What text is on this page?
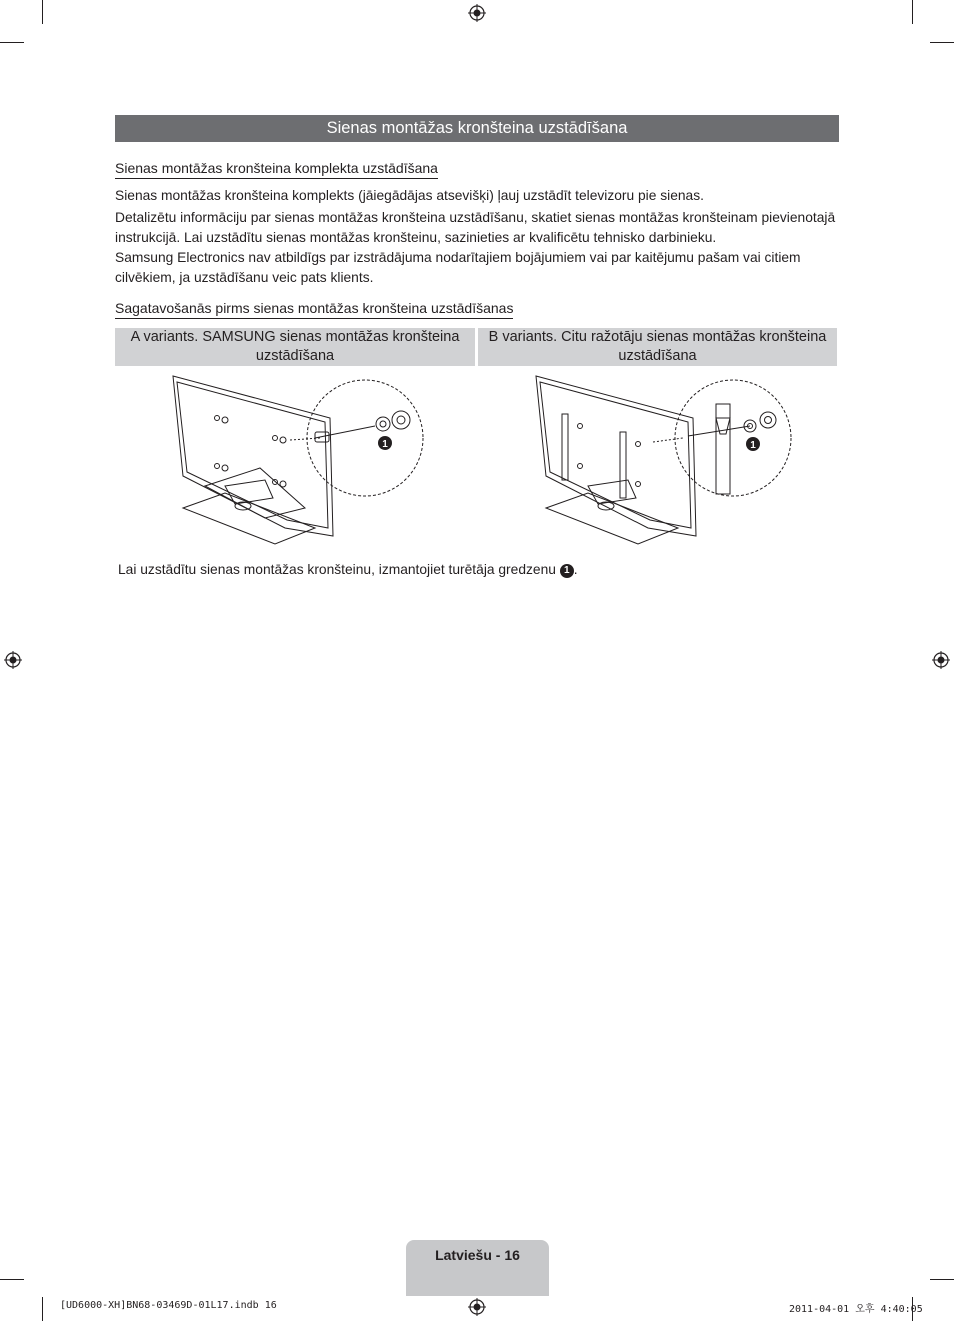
Sienas montāžas kronšteina uzstādīšana
Sienas montāžas kronšteina komplekta uzstādīšana
Sienas montāžas kronšteina komplekts (jāiegādājas atsevišķi) ļauj uzstādīt televizoru pie sienas.
Detalizētu informāciju par sienas montāžas kronšteina uzstādīšanu, skatiet sienas montāžas kronšteinam pievienotajā instrukcijā. Lai uzstādītu sienas montāžas kronšteinu, sazinieties ar kvalificētu tehnisko darbinieku.
Samsung Electronics nav atbildīgs par izstrādājuma nodarītajiem bojājumiem vai par kaitējumu pašam vai citiem cilvēkiem, ja uzstādīšanu veic pats klients.
Sagatavošanās pirms sienas montāžas kronšteina uzstādīšanas
A variants. SAMSUNG sienas montāžas kronšteina uzstādīšana
B variants. Citu ražotāju sienas montāžas kronšteina uzstādīšana
1	1
Lai uzstādītu sienas montāžas kronšteinu, izmantojiet turētāja gredzenu 1 .
Latviešu - 16
[UD6000-XH]BN68-03469D-01L17.indb 16	2011-04-01 오후 4:40:05
